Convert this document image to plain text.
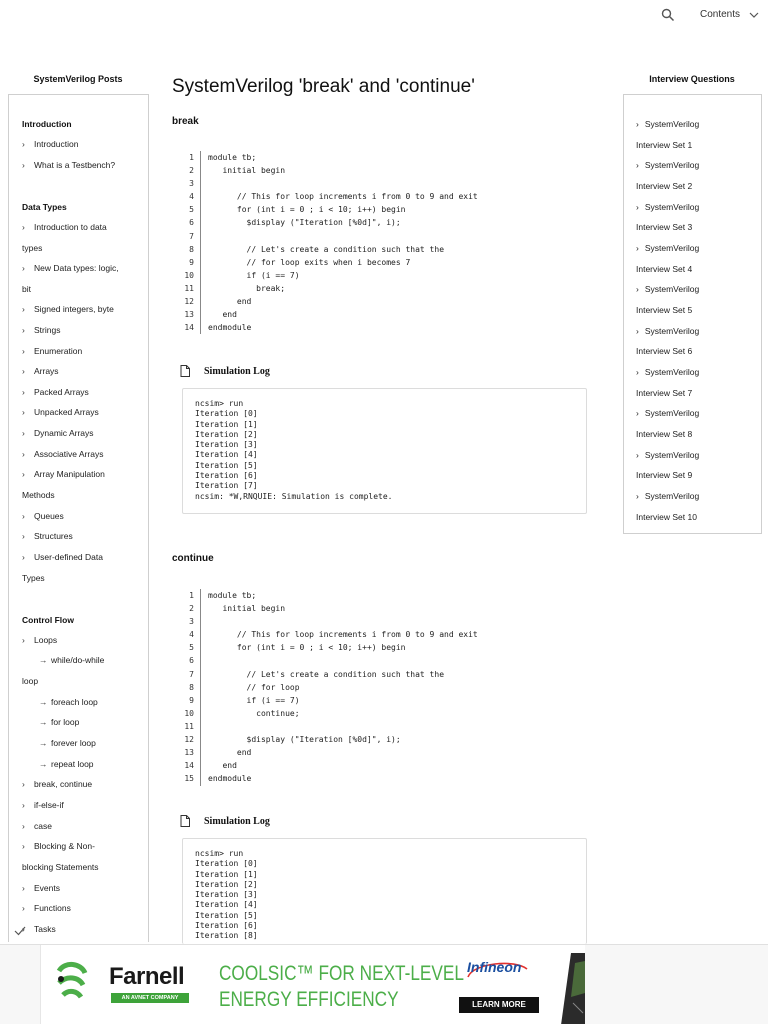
Contents
SystemVerilog Posts
Introduction
› Introduction
› What is a Testbench?
Data Types
› Introduction to data
types
› New Data types: logic,
bit
› Signed integers, byte
› Strings
› Enumeration
› Arrays
› Packed Arrays
› Unpacked Arrays
› Dynamic Arrays
› Associative Arrays
› Array Manipulation
Methods
› Queues
› Structures
› User-defined Data
Types
Control Flow
› Loops
→ while/do-while
loop
→ foreach loop
→ for loop
→ forever loop
→ repeat loop
› break, continue
› if-else-if
› case
› Blocking & Non-
blocking Statements
› Events
› Functions
› Tasks
Interview Questions
› SystemVerilog
Interview Set 1
› SystemVerilog
Interview Set 2
› SystemVerilog
Interview Set 3
› SystemVerilog
Interview Set 4
› SystemVerilog
Interview Set 5
› SystemVerilog
Interview Set 6
› SystemVerilog
Interview Set 7
› SystemVerilog
Interview Set 8
› SystemVerilog
Interview Set 9
› SystemVerilog
Interview Set 10
SystemVerilog 'break' and 'continue'
break
1 module tb;
2 initial begin
3
4 // This for loop increments i from 0 to 9 and exit
5 for (int i = 0 ; i < 10; i++) begin
6 $display ("Iteration [%0d]", i);
7
8 // Let's create a condition such that the
9 // for loop exits when i becomes 7
10 if (i == 7)
11 break;
12 end
13 end
14 endmodule
Simulation Log
ncsim> run
Iteration [0]
Iteration [1]
Iteration [2]
Iteration [3]
Iteration [4]
Iteration [5]
Iteration [6]
Iteration [7]
ncsim: *W,RNQUIE: Simulation is complete.
continue
1 module tb;
2 initial begin
3
4 // This for loop increments i from 0 to 9 and exit
5 for (int i = 0 ; i < 10; i++) begin
6
7 // Let's create a condition such that the
8 // for loop
9 if (i == 7)
10 continue;
11
12 $display ("Iteration [%0d]", i);
13 end
14 end
15 endmodule
Simulation Log
ncsim> run
Iteration [0]
Iteration [1]
Iteration [2]
Iteration [3]
Iteration [4]
Iteration [5]
Iteration [6]
Iteration [8]
Farnell
AN AVNET COMPANY
COOLSIC™ FOR NEXT-LEVEL
ENERGY EFFICIENCY
Infineon
LEARN MORE
